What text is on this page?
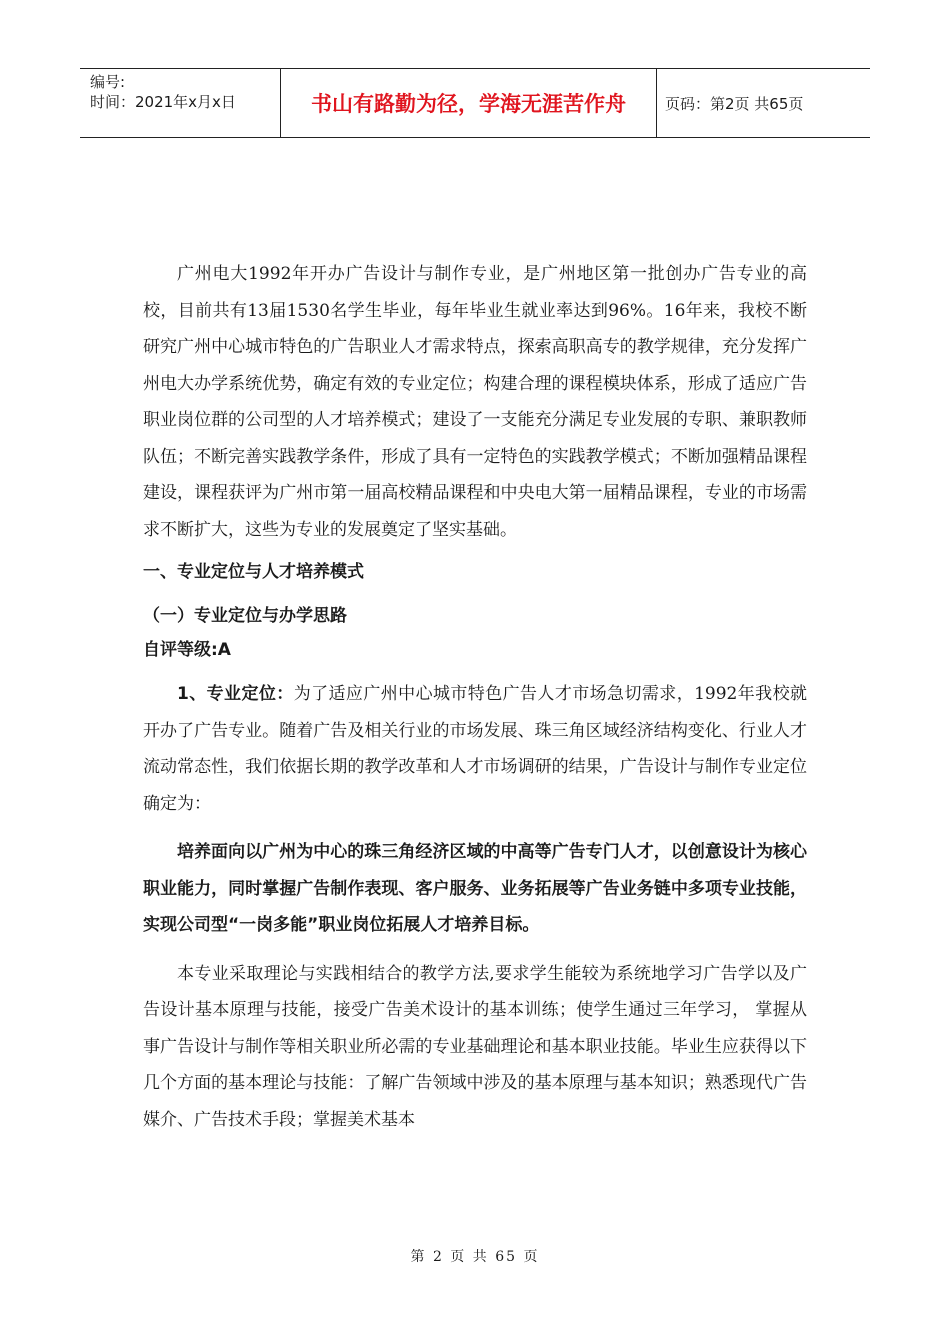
编号:
时间：2021年x月x日	书山有路勤为径，学海无涯苦作舟	页码：第2页 共65页

广州电大1992年开办广告设计与制作专业，是广州地区第一批创办广告专业的高校，目前共有13届1530名学生毕业，每年毕业生就业率达到96%。16年来，我校不断研究广州中心城市特色的广告职业人才需求特点，探索高职高专的教学规律，充分发挥广州电大办学系统优势，确定有效的专业定位；构建合理的课程模块体系，形成了适应广告职业岗位群的公司型的人才培养模式；建设了一支能充分满足专业发展的专职、兼职教师队伍；不断完善实践教学条件，形成了具有一定特色的实践教学模式；不断加强精品课程建设，课程获评为广州市第一届高校精品课程和中央电大第一届精品课程，专业的市场需求不断扩大，这些为专业的发展奠定了坚实基础。

一、专业定位与人才培养模式

（一）专业定位与办学思路

自评等级:A

1、专业定位：为了适应广州中心城市特色广告人才市场急切需求，1992年我校就开办了广告专业。随着广告及相关行业的市场发展、珠三角区域经济结构变化、行业人才流动常态性，我们依据长期的教学改革和人才市场调研的结果，广告设计与制作专业定位确定为：

培养面向以广州为中心的珠三角经济区域的中高等广告专门人才，以创意设计为核心职业能力，同时掌握广告制作表现、客户服务、业务拓展等广告业务链中多项专业技能，实现公司型“一岗多能”职业岗位拓展人才培养目标。

本专业采取理论与实践相结合的教学方法,要求学生能较为系统地学习广告学以及广告设计基本原理与技能，接受广告美术设计的基本训练；使学生通过三年学习， 掌握从事广告设计与制作等相关职业所必需的专业基础理论和基本职业技能。毕业生应获得以下几个方面的基本理论与技能：了解广告领域中涉及的基本原理与基本知识；熟悉现代广告媒介、广告技术手段；掌握美术基本

第 2 页 共 65 页
